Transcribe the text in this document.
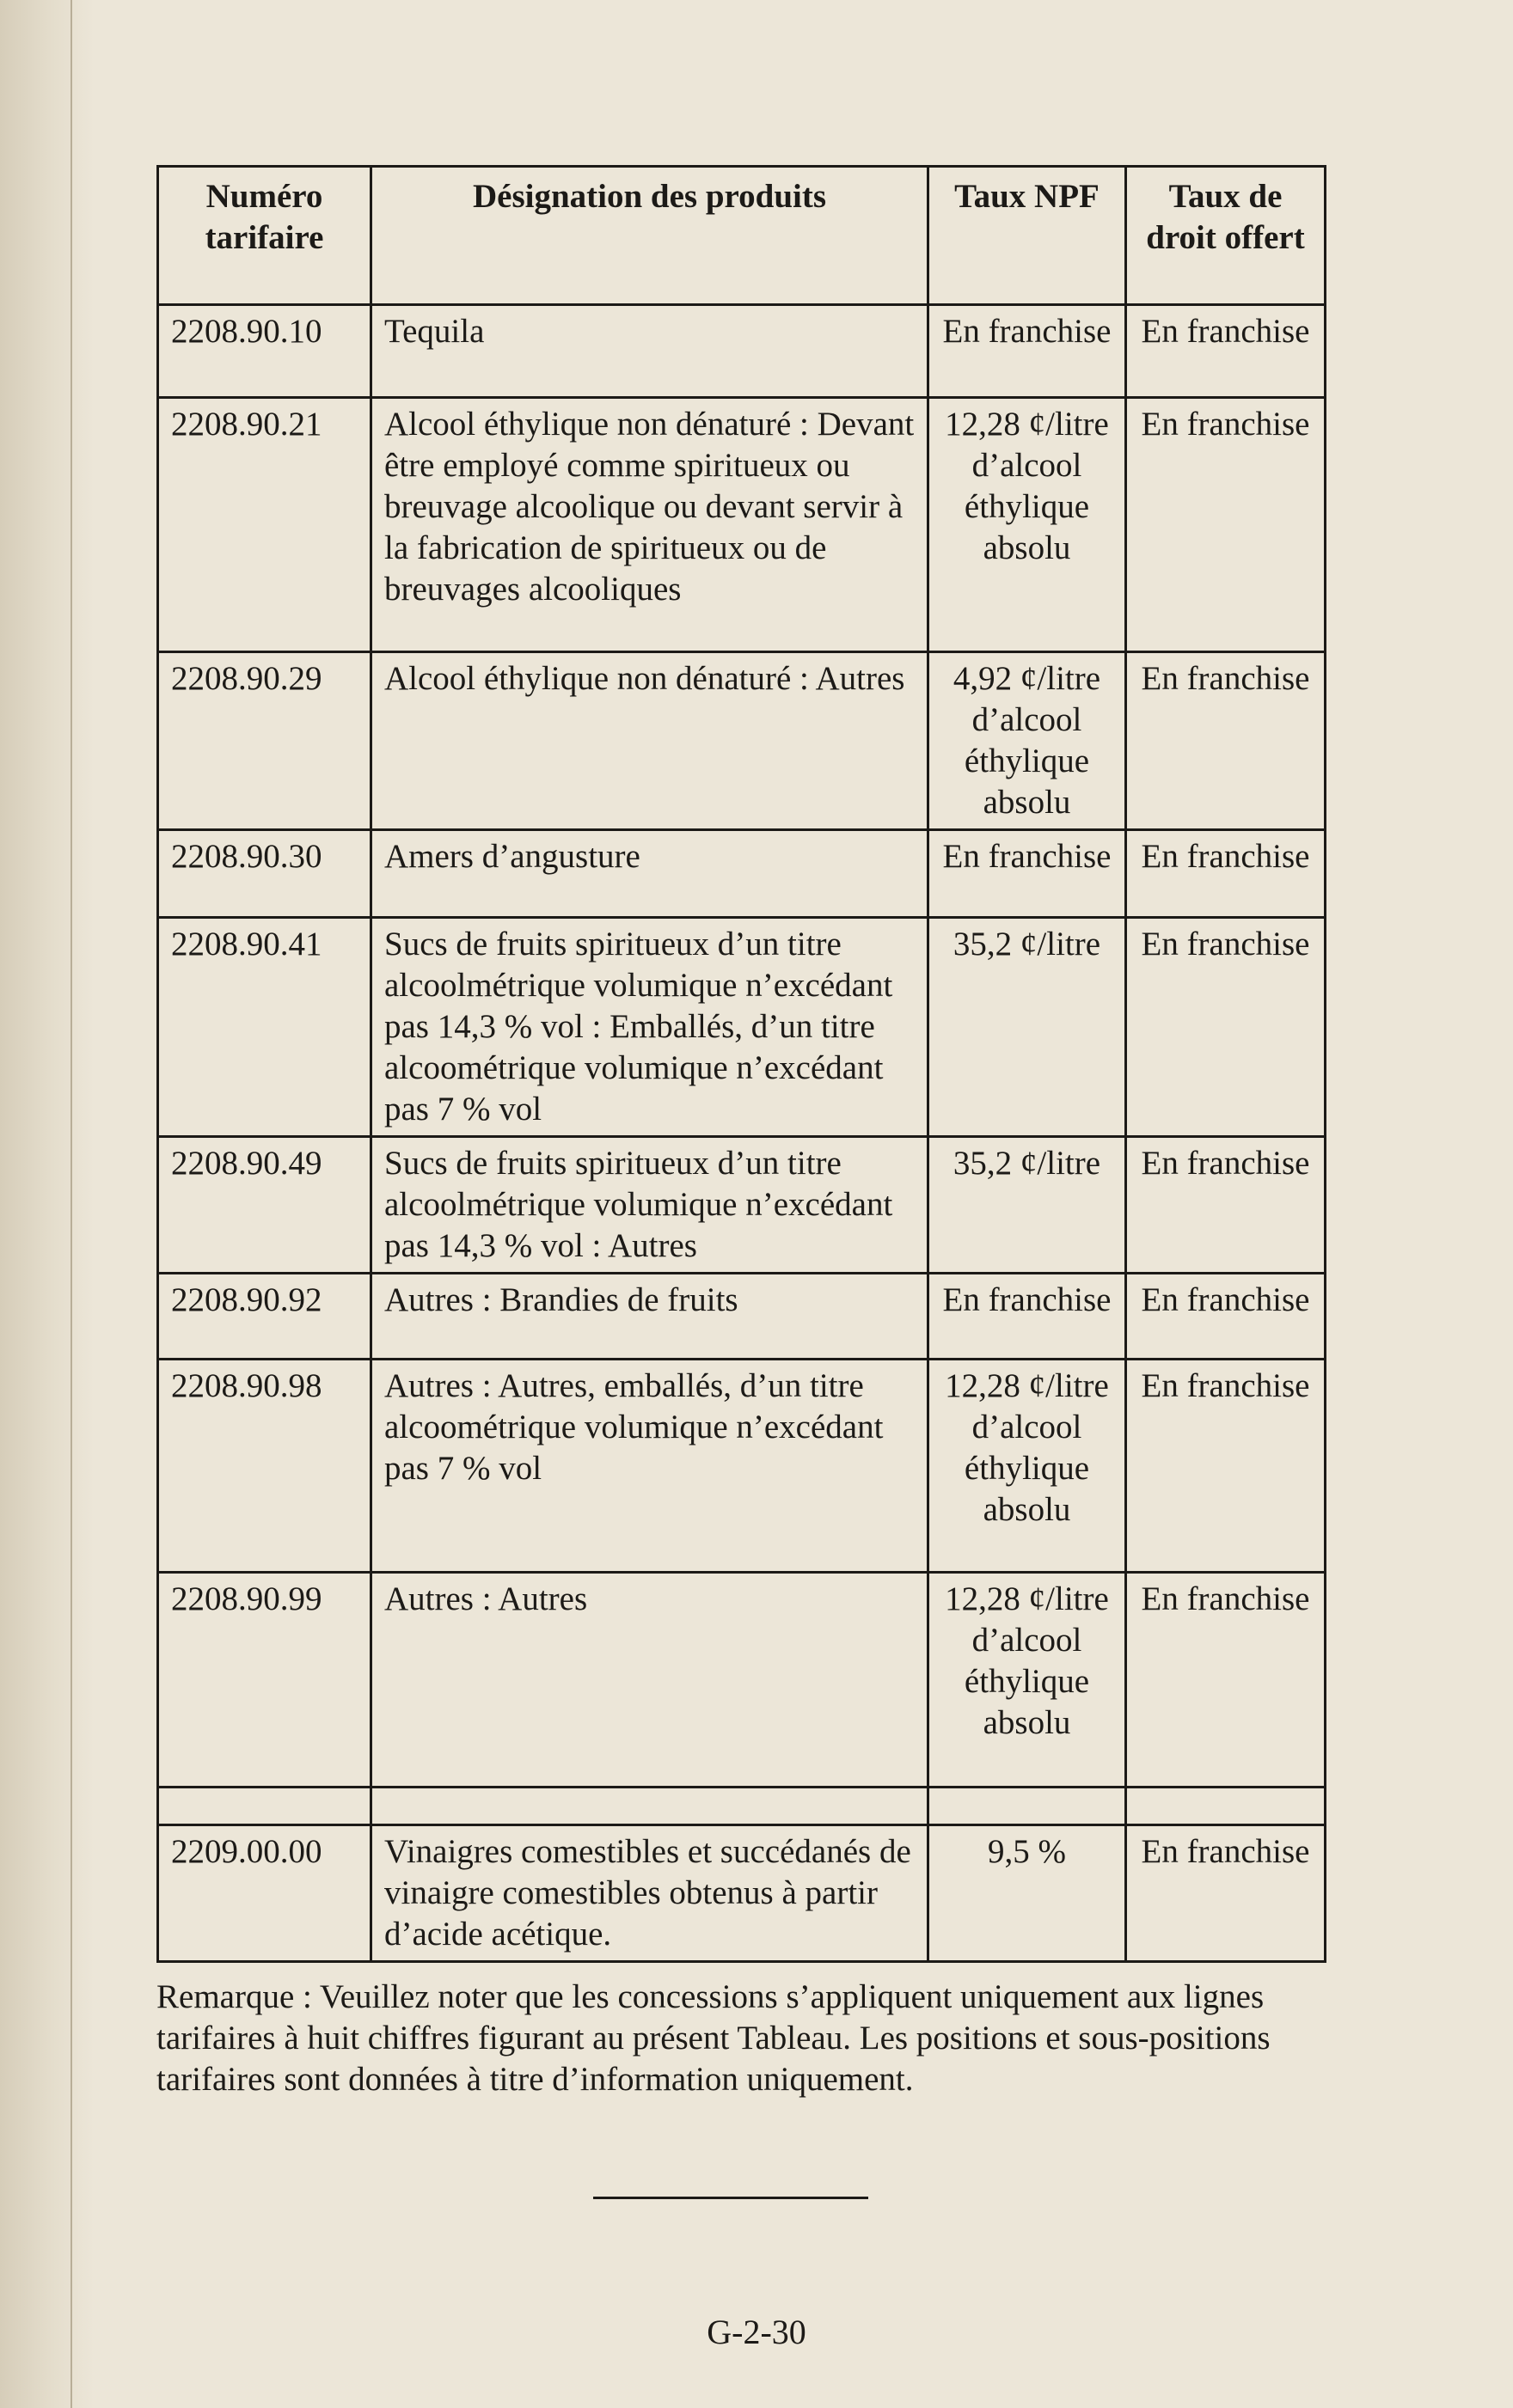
Numéro tarifaire	Désignation des produits	Taux NPF	Taux de droit offert
2208.90.10	Tequila	En franchise	En franchise
2208.90.21	Alcool éthylique non dénaturé : Devant être employé comme spiritueux ou breuvage alcoolique ou devant servir à la fabrication de spiritueux ou de breuvages alcooliques	12,28 ¢/litre d’alcool éthylique absolu	En franchise
2208.90.29	Alcool éthylique non dénaturé : Autres	4,92 ¢/litre d’alcool éthylique absolu	En franchise
2208.90.30	Amers d’angusture	En franchise	En franchise
2208.90.41	Sucs de fruits spiritueux d’un titre alcoolmétrique volumique n’excédant pas 14,3 % vol : Emballés, d’un titre alcoométrique volumique n’excédant pas 7 % vol	35,2 ¢/litre	En franchise
2208.90.49	Sucs de fruits spiritueux d’un titre alcoolmétrique volumique n’excédant pas 14,3 % vol : Autres	35,2 ¢/litre	En franchise
2208.90.92	Autres : Brandies de fruits	En franchise	En franchise
2208.90.98	Autres : Autres, emballés, d’un titre alcoométrique volumique n’excédant pas 7 % vol	12,28 ¢/litre d’alcool éthylique absolu	En franchise
2208.90.99	Autres : Autres	12,28 ¢/litre d’alcool éthylique absolu	En franchise

2209.00.00	Vinaigres comestibles et succédanés de vinaigre comestibles obtenus à partir d’acide acétique.	9,5 %	En franchise
Remarque : Veuillez noter que les concessions s’appliquent uniquement aux lignes tarifaires à huit chiffres figurant au présent Tableau. Les positions et sous-positions tarifaires sont données à titre d’information uniquement.
G-2-30
